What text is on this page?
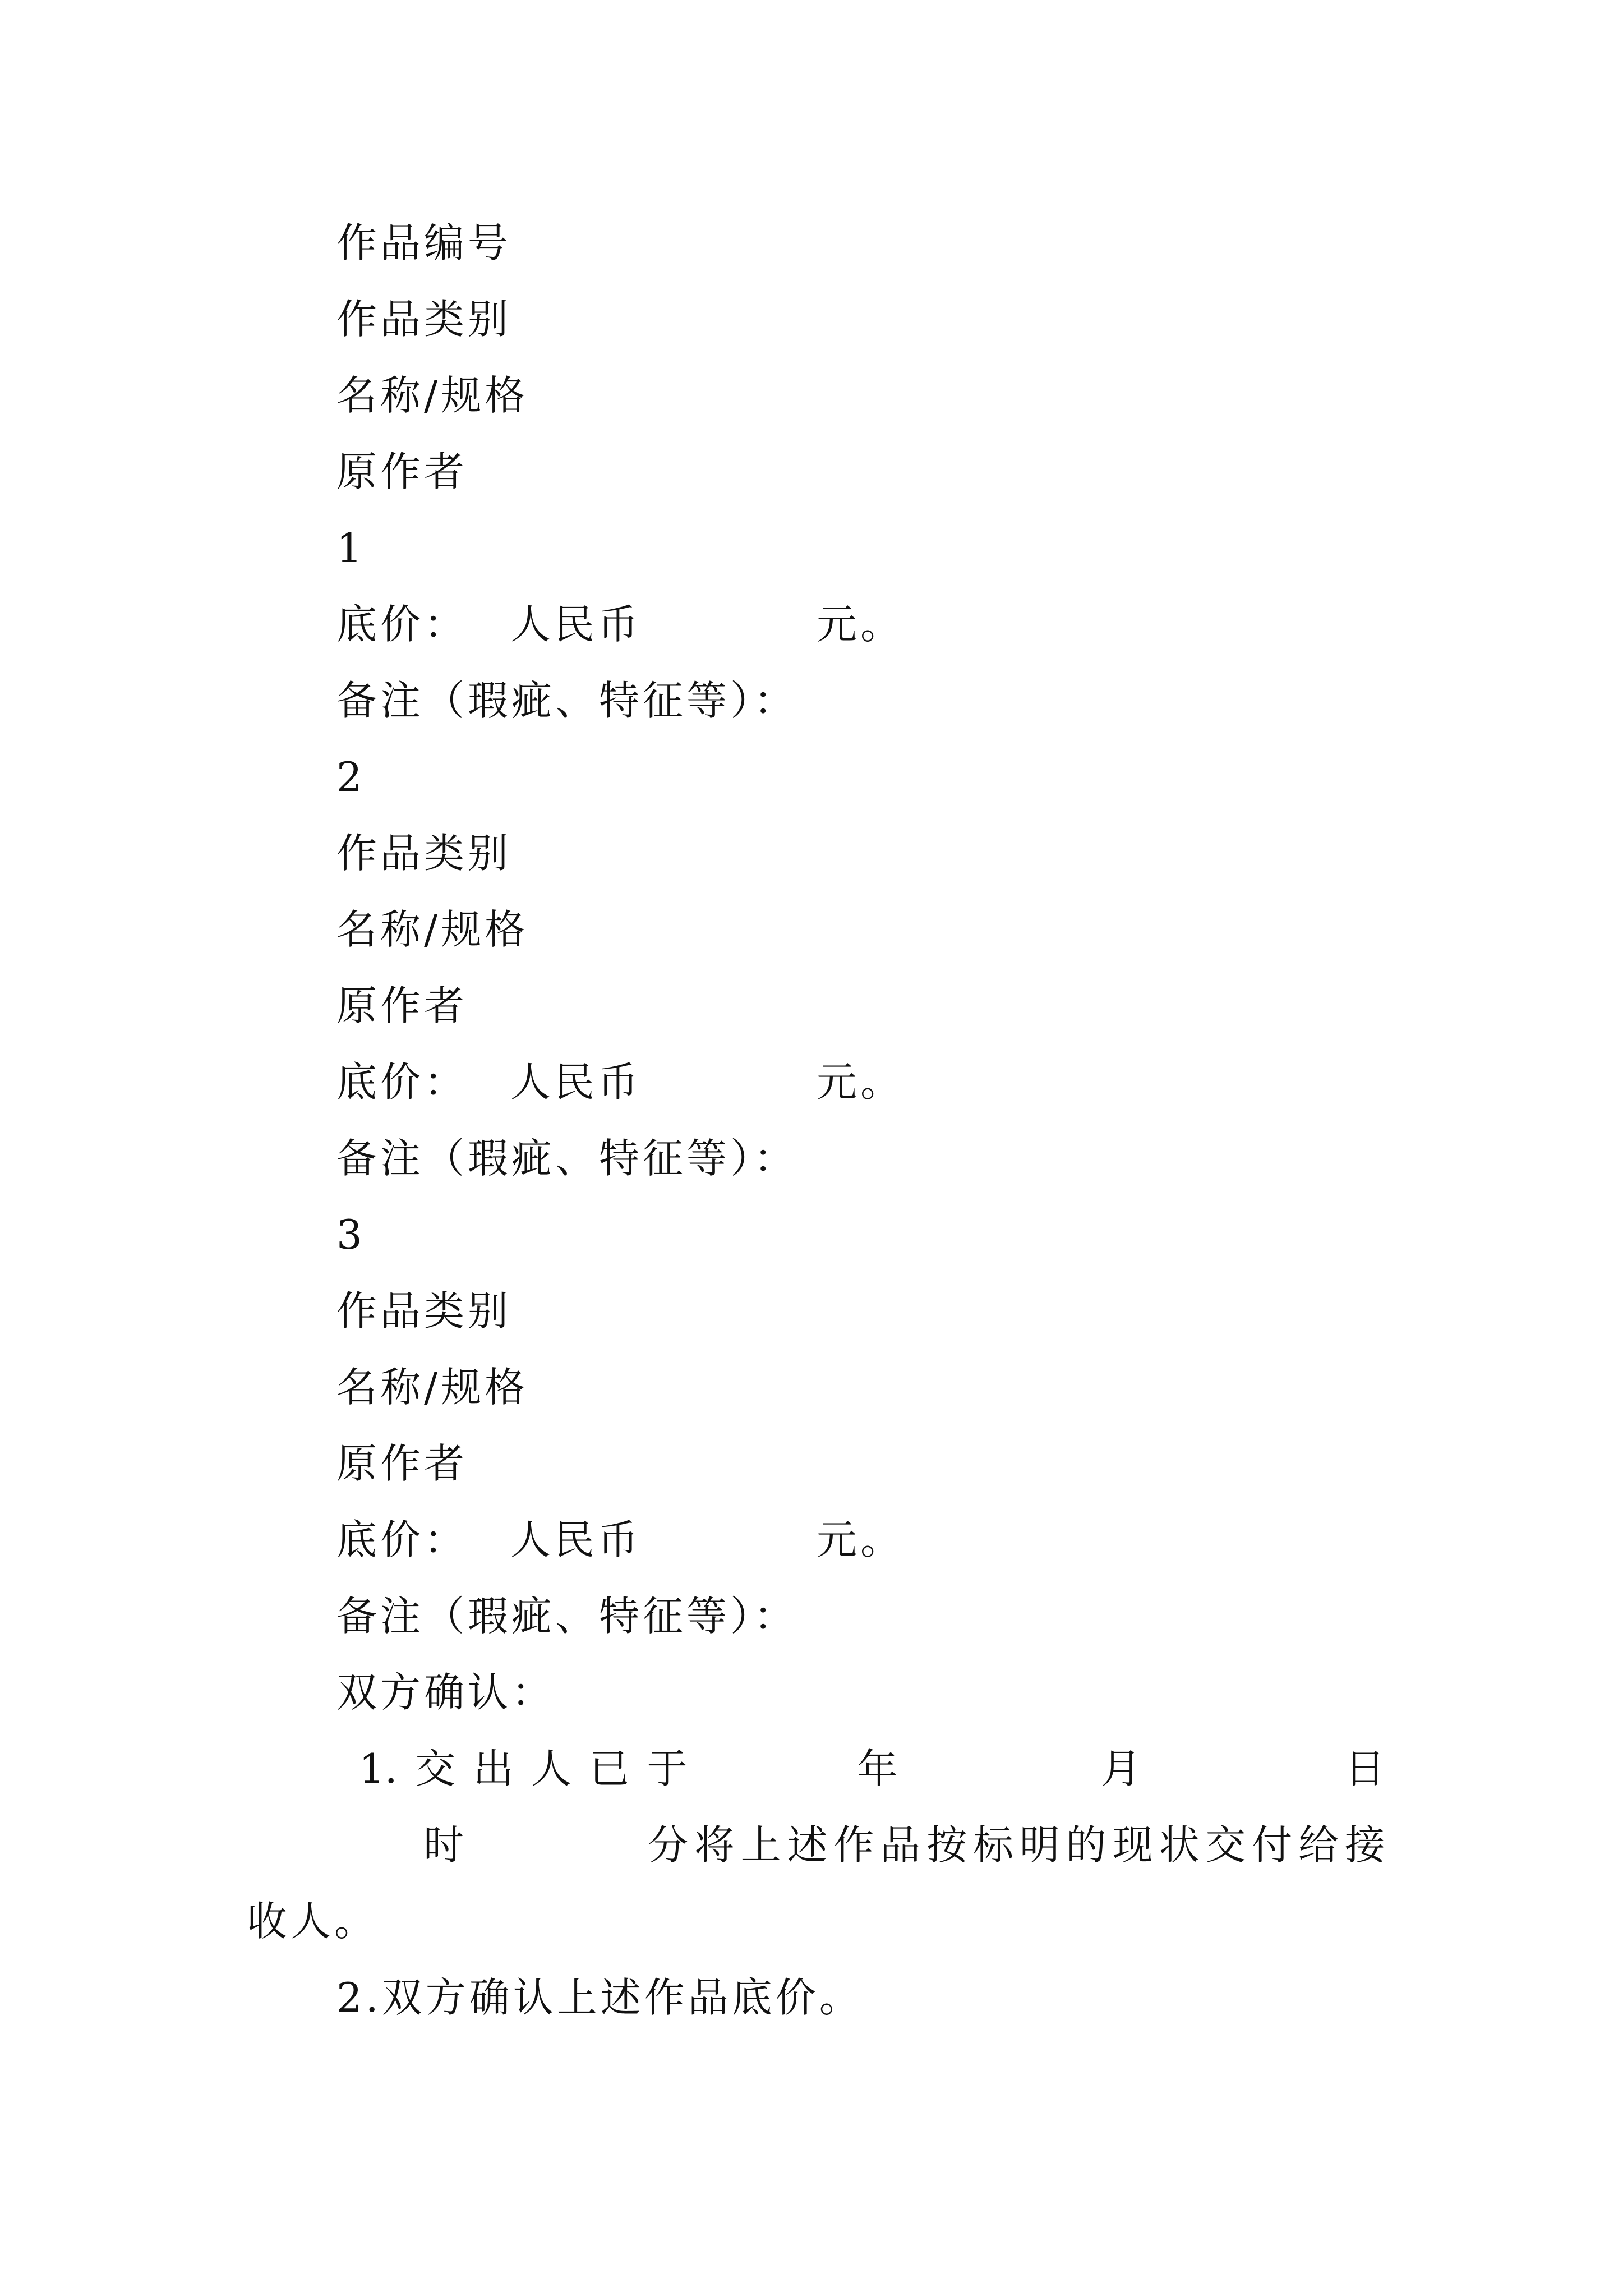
作品编号
作品类别
名称/规格
原作者
1
底价： 人民币	元。
备注（瑕疵、特征等）：
2
作品类别
名称/规格
原作者
底价： 人民币	元。
备注（瑕疵、特征等）：
3
作品类别
名称/规格
原作者
底价： 人民币	元。
备注（瑕疵、特征等）：
双方确认：
1. 交 出 人 已 于	年	月	日
时	分 将 上 述 作 品 按 标 明 的 现 状 交 付 给 接
收人。
2.双方确认上述作品底价。
